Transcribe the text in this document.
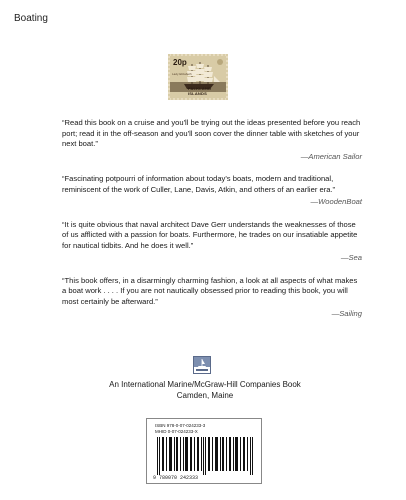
Boating
20p
Lady Elizabeth
FALKLAND ISLANDS

“Read this book on a cruise and you'll be trying out the ideas presented before you reach port; read it in the off-season and you'll soon cover the dinner table with sketches of your next boat.”

—American Sailor

“Fascinating potpourri of information about today's boats, modern and traditional, reminiscent of the work of Culler, Lane, Davis, Atkin, and others of an earlier era.”

—WoodenBoat

“It is quite obvious that naval architect Dave Gerr understands the weaknesses of those of us afflicted with a passion for boats. Furthermore, he trades on our insatiable appetite for nautical tidbits. And he does it well.”

—Sea

“This book offers, in a disarmingly charming fashion, a look at all aspects of what makes a boat work . . . . If you are not nautically obsessed prior to reading this book, you will most certainly be afterward.”

—Sailing

An International Marine/McGraw-Hill Companies Book
Camden, Maine
ISBN 978-0-07-024233-3
MHID 0-07-024233-X
9 780070 242333
